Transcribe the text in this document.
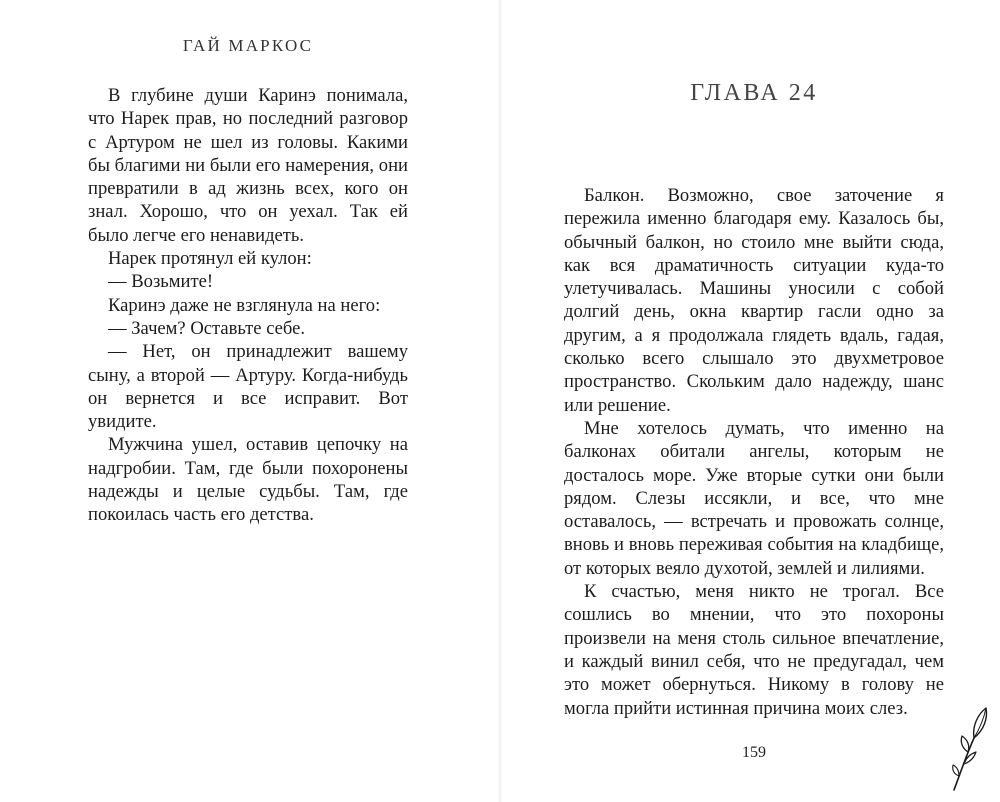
ГАЙ МАРКОС

В глубине души Каринэ понимала, что Нарек прав, но последний разговор с Артуром не шел из головы. Какими бы благими ни были его намерения, они превратили в ад жизнь всех, кого он знал. Хорошо, что он уехал. Так ей было легче его ненавидеть.

Нарек протянул ей кулон:

— Возьмите!

Каринэ даже не взглянула на него:

— Зачем? Оставьте себе.

— Нет, он принадлежит вашему сыну, а второй — Артуру. Когда-нибудь он вернется и все исправит. Вот увидите.

Мужчина ушел, оставив цепочку на надгробии. Там, где были похоронены надежды и целые судьбы. Там, где покоилась часть его детства.

ГЛАВА 24

Балкон. Возможно, свое заточение я пережила именно благодаря ему. Казалось бы, обычный балкон, но стоило мне выйти сюда, как вся драматичность ситуации куда-то улетучивалась. Машины уносили с собой долгий день, окна квартир гасли одно за другим, а я продолжала глядеть вдаль, гадая, сколько всего слышало это двухметровое пространство. Скольким дало надежду, шанс или решение.

Мне хотелось думать, что именно на балконах обитали ангелы, которым не досталось море. Уже вторые сутки они были рядом. Слезы иссякли, и все, что мне оставалось, — встречать и провожать солнце, вновь и вновь переживая события на кладбище, от которых веяло духотой, землей и лилиями.

К счастью, меня никто не трогал. Все сошлись во мнении, что это похороны произвели на меня столь сильное впечатление, и каждый винил себя, что не предугадал, чем это может обернуться. Никому в голову не могла прийти истинная причина моих слез.

159
